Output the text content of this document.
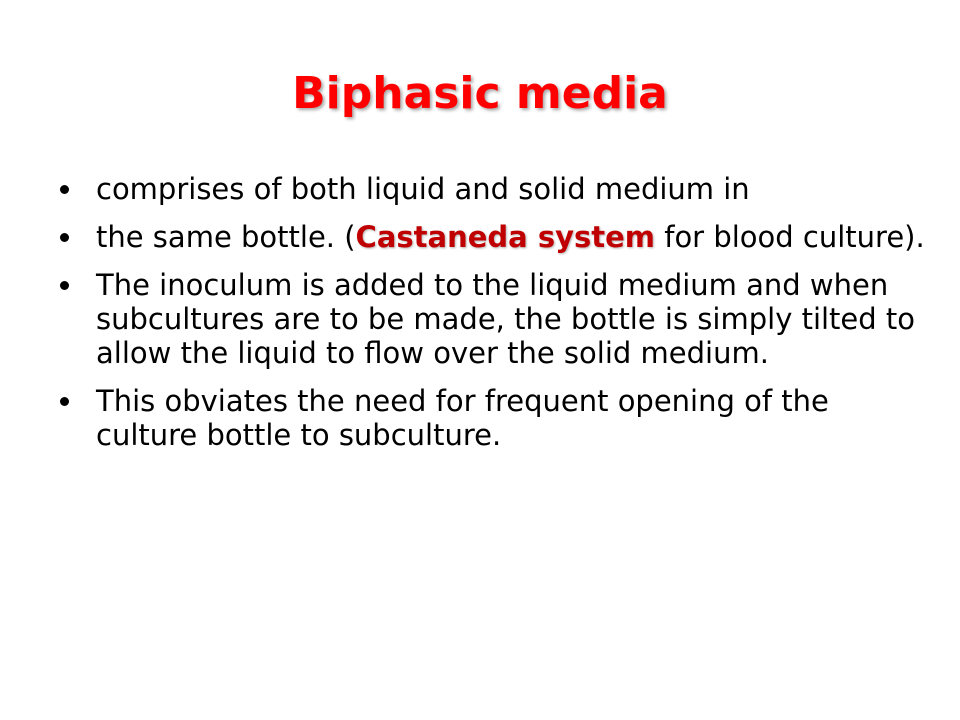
Biphasic media
comprises of both liquid and solid medium in
the same bottle. (Castaneda system for blood culture).
The inoculum is added to the liquid medium and when subcultures are to be made, the bottle is simply tilted to allow the liquid to flow over the solid medium.
This obviates the need for frequent opening of the culture bottle to subculture.
